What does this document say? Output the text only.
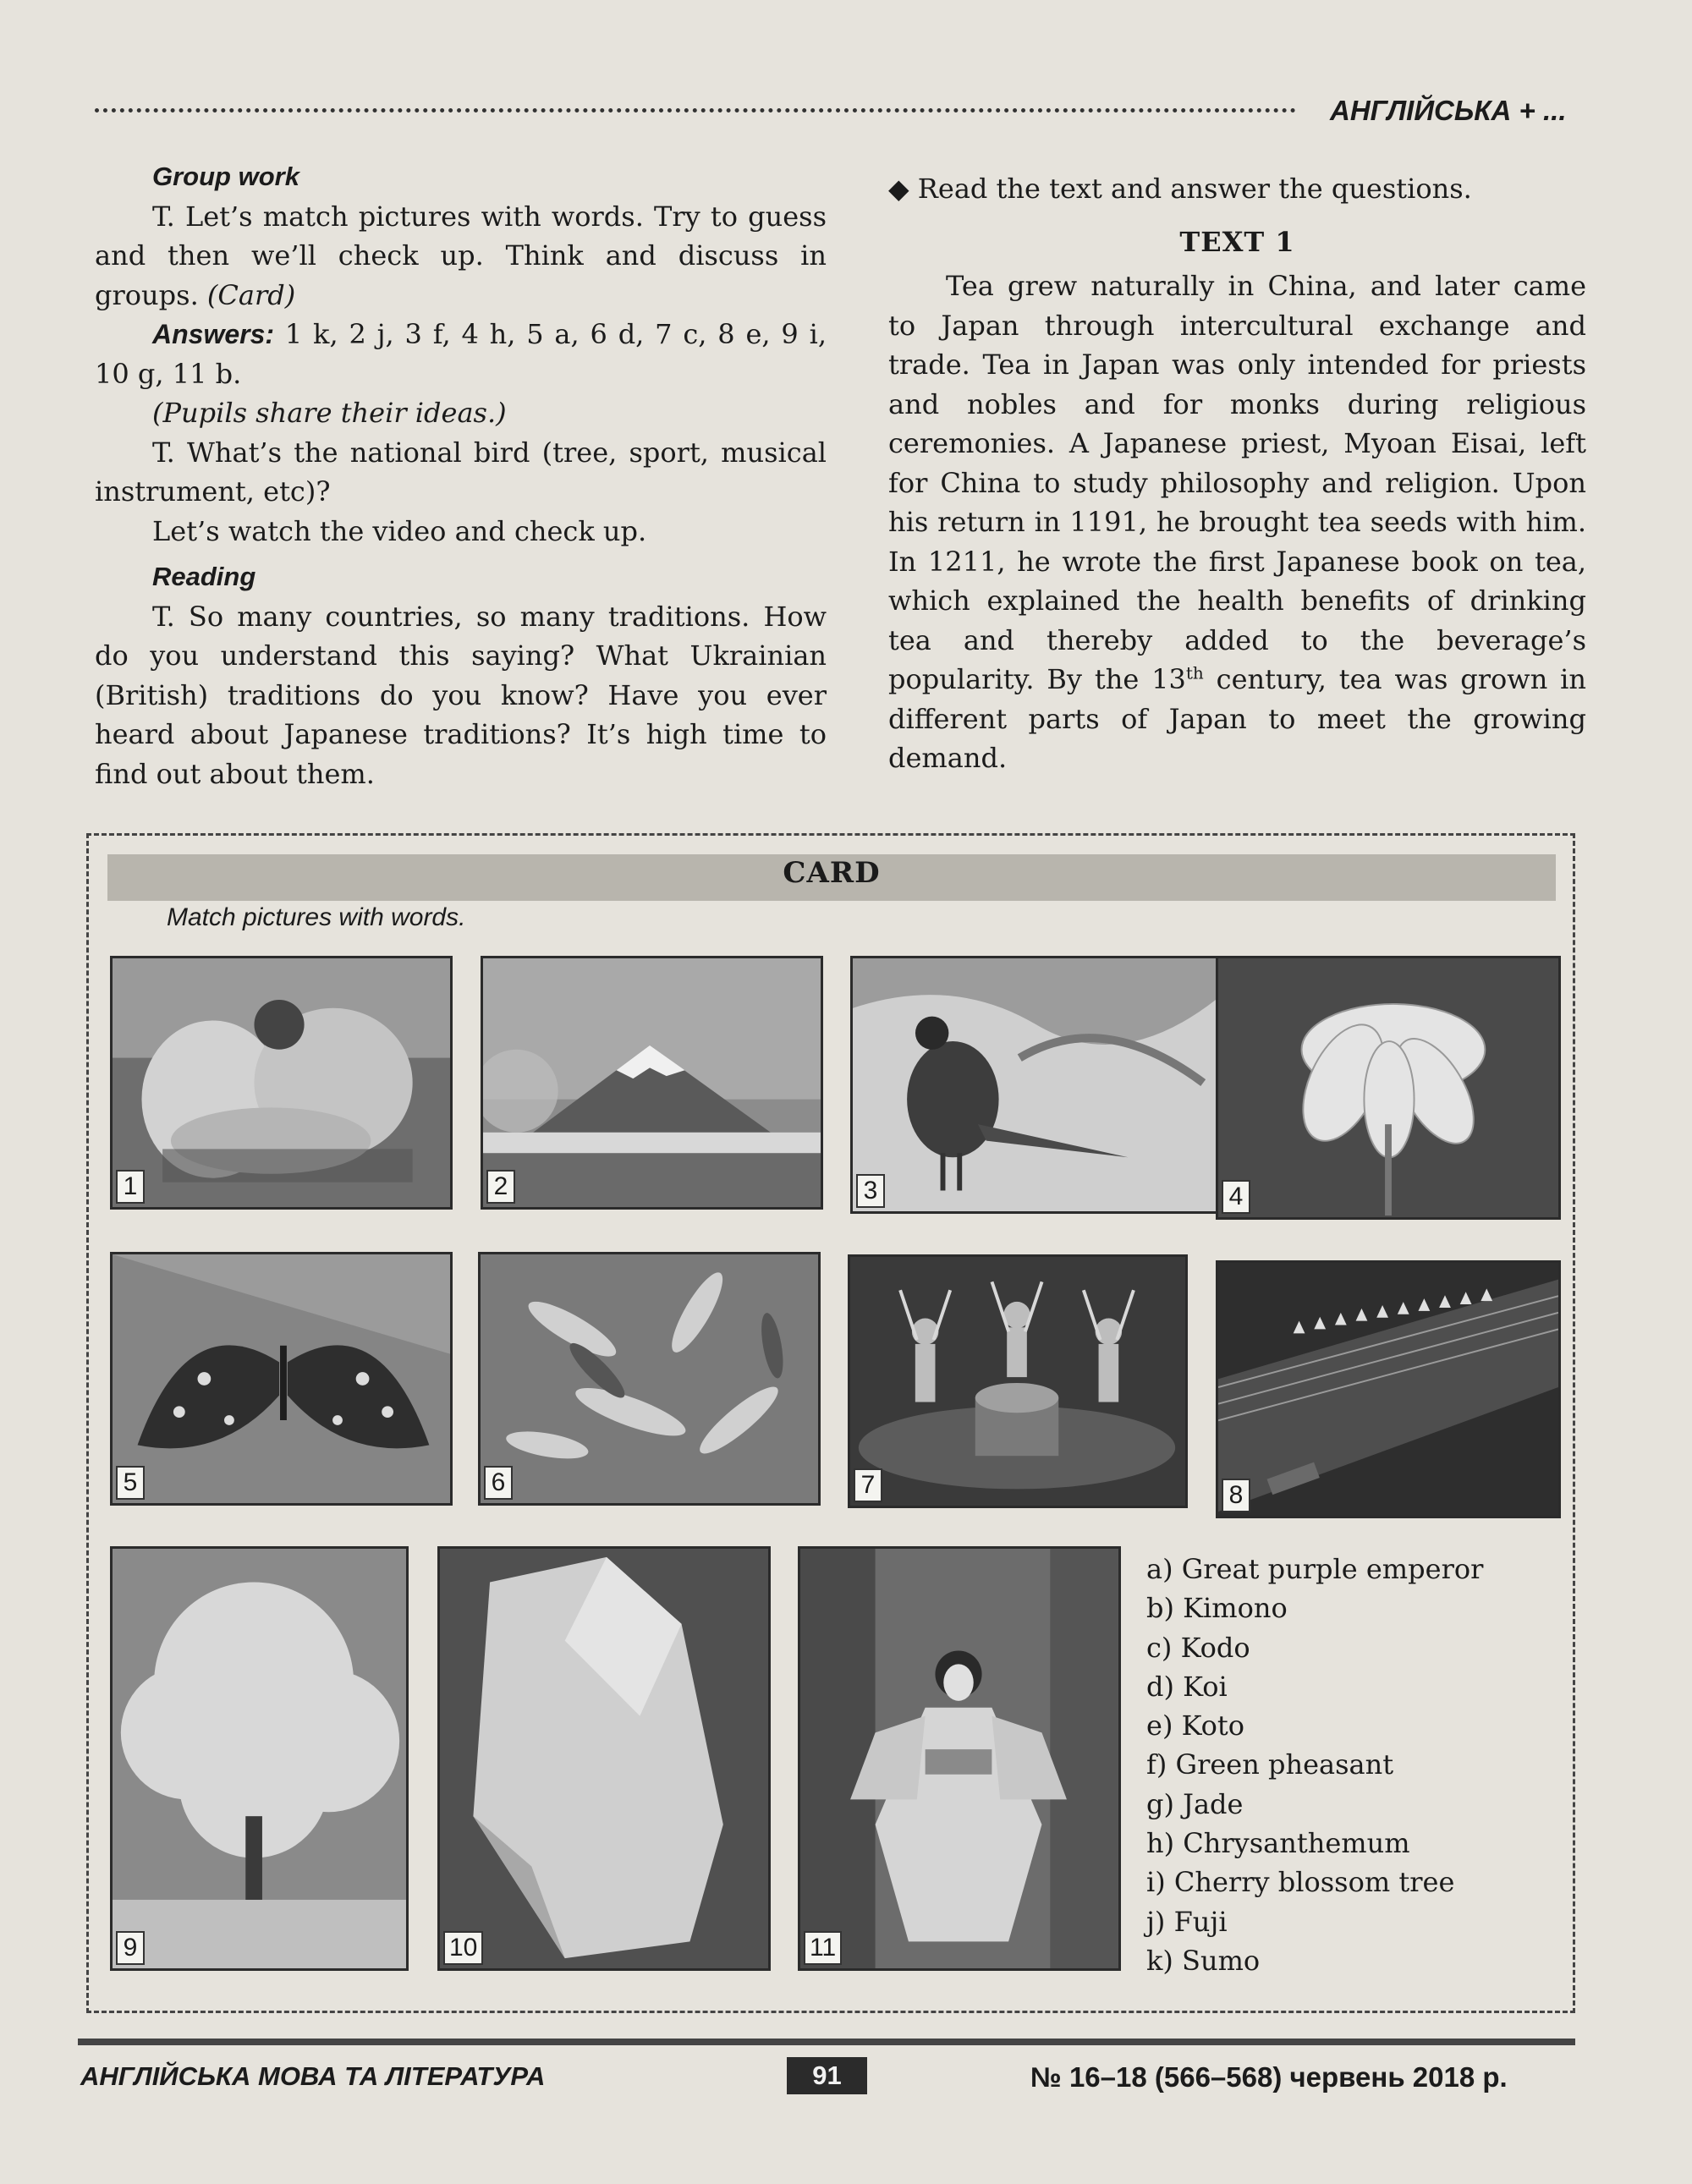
АНГЛІЙСЬКА + ...

Group work

T. Let’s match pictures with words. Try to guess and then we’ll check up. Think and discuss in groups. (Card)

Answers: 1 k, 2 j, 3 f, 4 h, 5 a, 6 d, 7 c, 8 e, 9 i, 10 g, 11 b.

(Pupils share their ideas.)

T. What’s the national bird (tree, sport, musical instrument, etc)?

Let’s watch the video and check up.

Reading

T. So many countries, so many traditions. How do you understand this saying? What Ukrainian (British) traditions do you know? Have you ever heard about Japanese traditions? It’s high time to find out about them.

◆ Read the text and answer the questions.

TEXT 1

Tea grew naturally in China, and later came to Japan through intercultural exchange and trade. Tea in Japan was only intended for priests and nobles and for monks during religious ceremonies. A Japanese priest, Myoan Eisai, left for China to study philosophy and religion. Upon his return in 1191, he brought tea seeds with him. In 1211, he wrote the first Japanese book on tea, which explained the health benefits of drinking tea and thereby added to the beverage’s popularity. By the 13th century, tea was grown in different parts of Japan to meet the growing demand.

CARD
Match pictures with words.
1	2	3	4
5	6	7	8
9	10	11
a) Great purple emperor
b) Kimono
c) Kodo
d) Koi
e) Koto
f) Green pheasant
g) Jade
h) Chrysanthemum
i) Cherry blossom tree
j) Fuji
k) Sumo
АНГЛІЙСЬКА МОВА ТА ЛІТЕРАТУРА	91	№ 16–18 (566–568) червень 2018 р.
